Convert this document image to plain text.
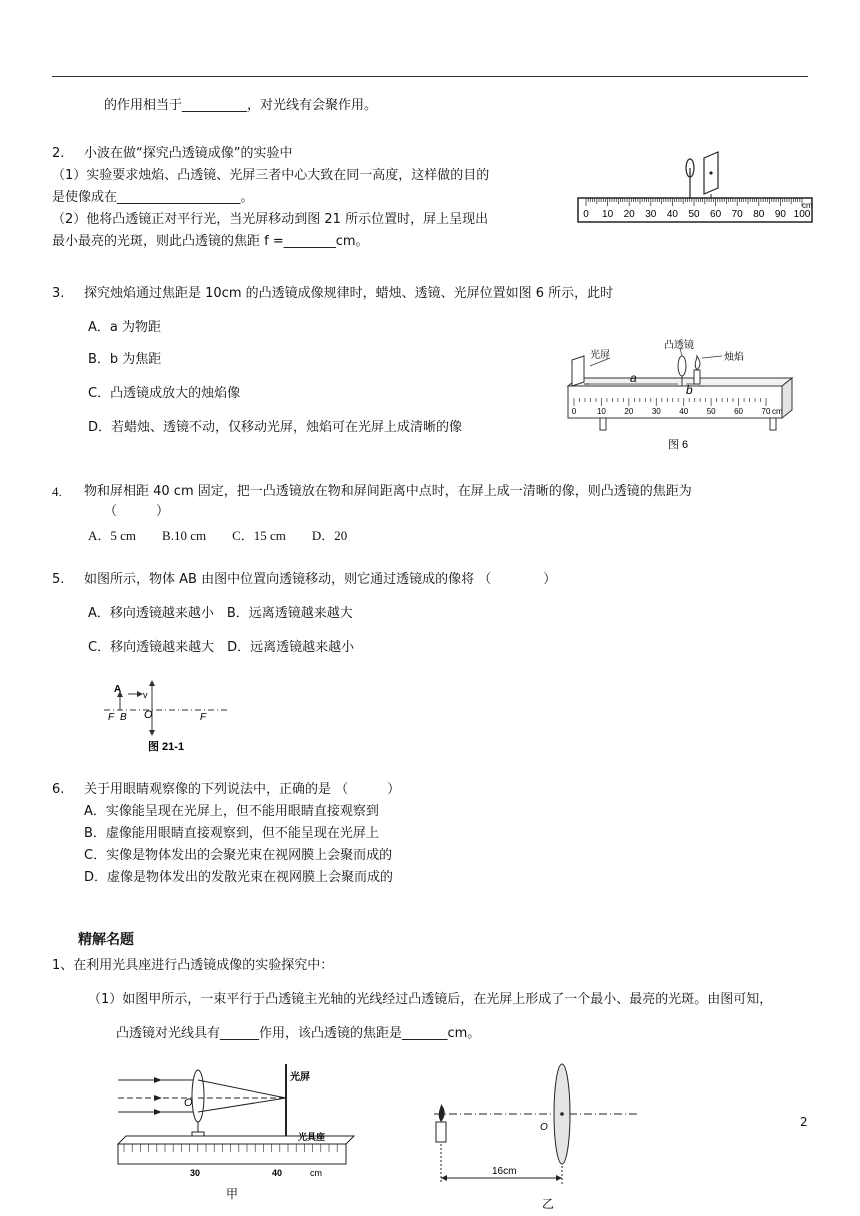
的作用相当于__________，对光线有会聚作用。
2. 小波在做“探究凸透镜成像”的实验中
（1）实验要求烛焰、凸透镜、光屏三者中心大致在同一高度，这样做的目的
是使像成在___________________。
（2）他将凸透镜正对平行光，当光屏移动到图 21 所示位置时，屏上呈现出
最小最亮的光斑，则此凸透镜的焦距 f =________cm。
0 10 20 30 40 50 60 70 80 90 100
cm
3. 探究烛焰通过焦距是 10cm 的凸透镜成像规律时，蜡烛、透镜、光屏位置如图 6 所示，此时
A．a 为物距
B．b 为焦距
C．凸透镜成放大的烛焰像
D．若蜡烛、透镜不动，仅移动光屏，烛焰可在光屏上成清晰的像
0	10 20 30 40 50 60 70
光屏
凸透镜
烛焰
a
b
cm
图 6
4. 物和屏相距 40 cm 固定，把一凸透镜放在物和屏间距离中点时，在屏上成一清晰的像，则凸透镜的焦距为
（　　　）
A．5 cm　　B.10 cm　　C．15 cm　　D．20
5. 如图所示，物体 AB 由图中位置向透镜移动，则它通过透镜成的像将 （　　　　）
A．移向透镜越来越小　B．远离透镜越来越大
C．移向透镜越来越大　D．远离透镜越来越小
A v
F B O	F
图 21-1
6. 关于用眼睛观察像的下列说法中，正确的是 （　　　）
A．实像能呈现在光屏上，但不能用眼睛直接观察到
B．虚像能用眼睛直接观察到，但不能呈现在光屏上
C．实像是物体发出的会聚光束在视网膜上会聚而成的
D．虚像是物体发出的发散光束在视网膜上会聚而成的
精解名题
1、在利用光具座进行凸透镜成像的实验探究中：
（1）如图甲所示，一束平行于凸透镜主光轴的光线经过凸透镜后，在光屏上形成了一个最小、最亮的光斑。由图可知，
凸透镜对光线具有______作用，该凸透镜的焦距是_______cm。
光屏
光具座
O
30	40	cm
甲
O
16cm
乙
2
